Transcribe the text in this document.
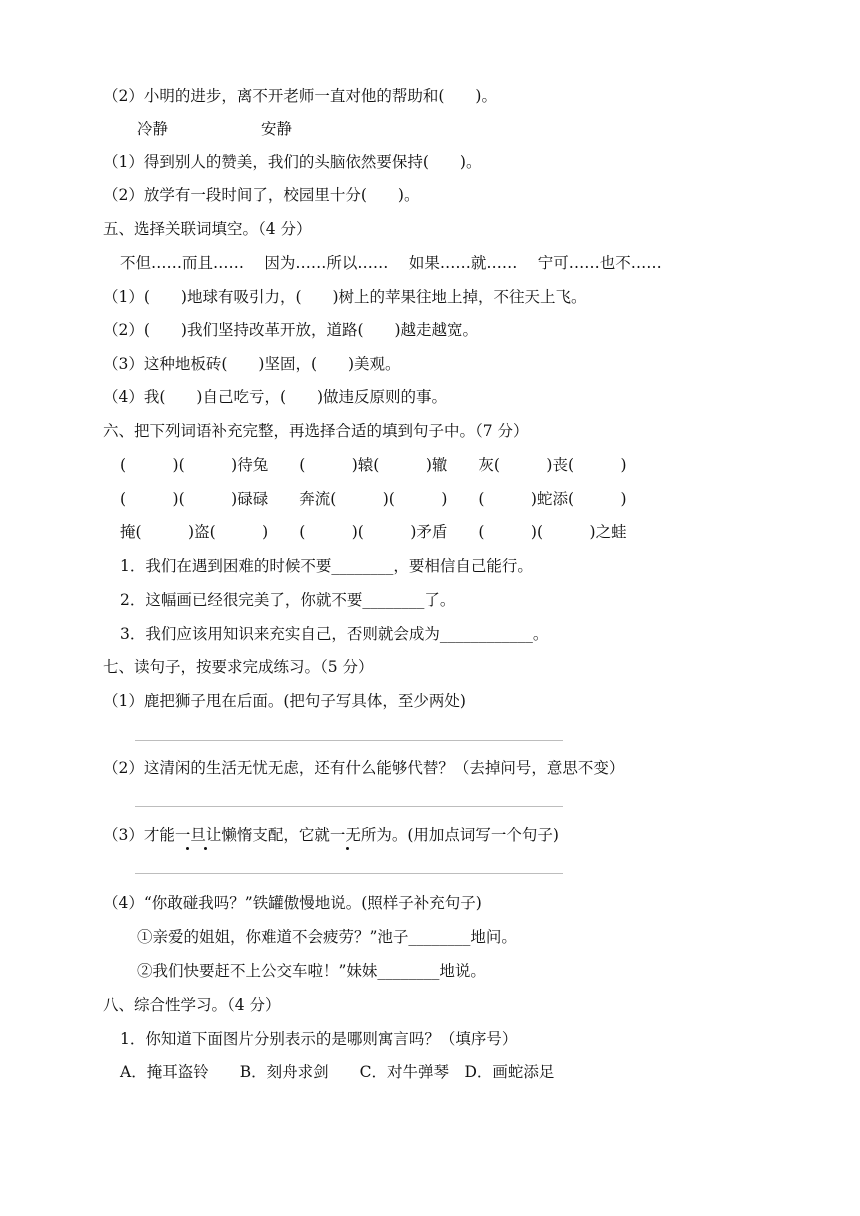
（2）小明的进步，离不开老师一直对他的帮助和(　　)。
冷静　　　　　　安静
（1）得到别人的赞美，我们的头脑依然要保持(　　)。
（2）放学有一段时间了，校园里十分(　　)。
五、选择关联词填空。（4 分）
不但……而且……　 因为……所以……　 如果……就……　 宁可……也不……
（1）(　　)地球有吸引力，(　　)树上的苹果往地上掉，不往天上飞。
（2）(　　)我们坚持改革开放，道路(　　)越走越宽。
（3）这种地板砖(　　)坚固，(　　)美观。
（4）我(　　)自己吃亏，(　　)做违反原则的事。
六、把下列词语补充完整，再选择合适的填到句子中。（7 分）
(　　　)(　　　)待兔　　(　　　)辕(　　　)辙　　灰(　　　)丧(　　　)
(　　　)(　　　)碌碌　　奔流(　　　)(　　　)　　(　　　)蛇添(　　　)
掩(　　　)盗(　　　)　　(　　　)(　　　)矛盾　　(　　　)(　　　)之蛙
1．我们在遇到困难的时候不要________，要相信自己能行。
2．这幅画已经很完美了，你就不要________了。
3．我们应该用知识来充实自己，否则就会成为____________。
七、读句子，按要求完成练习。（5 分）
（1）鹿把狮子甩在后面。(把句子写具体，至少两处)
（2）这清闲的生活无忧无虑，还有什么能够代替？（去掉问号，意思不变）
（3）才能一旦让懒惰支配，它就一无所为。(用加点词写一个句子)
（4）“你敢碰我吗？”铁罐傲慢地说。(照样子补充句子)
①亲爱的姐姐，你难道不会疲劳？”池子________地问。
②我们快要赶不上公交车啦！”妹妹________地说。
八、综合性学习。（4 分）
1．你知道下面图片分别表示的是哪则寓言吗？（填序号）
A．掩耳盗铃　　B．刻舟求剑　　C．对牛弹琴　D．画蛇添足
